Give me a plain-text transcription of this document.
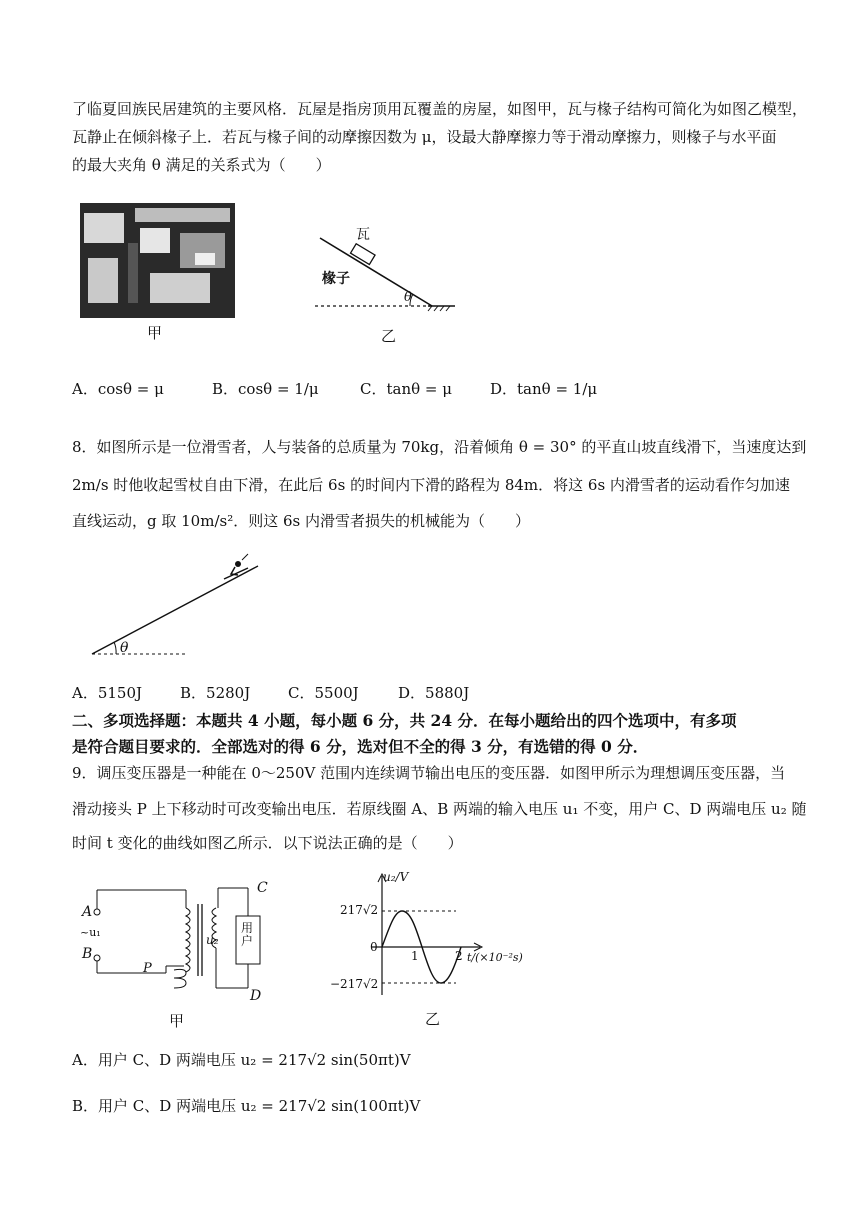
了临夏回族民居建筑的主要风格．瓦屋是指房顶用瓦覆盖的房屋，如图甲，瓦与椽子结构可简化为如图乙模型，
瓦静止在倾斜椽子上．若瓦与椽子间的动摩擦因数为 μ，设最大静摩擦力等于滑动摩擦力，则椽子与水平面
的最大夹角 θ 满足的关系式为（　　）
甲
瓦
椽子
θ
乙
A．cosθ = μ	B．cosθ = 1/μ	C．tanθ = μ	D．tanθ = 1/μ
8．如图所示是一位滑雪者，人与装备的总质量为 70kg，沿着倾角 θ = 30° 的平直山坡直线滑下，当速度达到
2m/s 时他收起雪杖自由下滑，在此后 6s 的时间内下滑的路程为 84m．将这 6s 内滑雪者的运动看作匀加速
直线运动，g 取 10m/s²．则这 6s 内滑雪者损失的机械能为（　　）
θ
A．5150J	B．5280J	C．5500J	D．5880J
二、多项选择题：本题共 4 小题，每小题 6 分，共 24 分．在每小题给出的四个选项中，有多项
是符合题目要求的．全部选对的得 6 分，选对但不全的得 3 分，有选错的得 0 分．
9．调压变压器是一种能在 0～250V 范围内连续调节输出电压的变压器．如图甲所示为理想调压变压器，当
滑动接头 P 上下移动时可改变输出电压．若原线圈 A、B 两端的输入电压 u₁ 不变，用户 C、D 两端电压 u₂ 随
时间 t 变化的曲线如图乙所示．以下说法正确的是（　　）
A
B
~u₁
u₂
P
C
D
用户
甲
u₂/V
217√2
−217√2
0
1	2 t/(×10⁻²s)
乙
A．用户 C、D 两端电压 u₂ = 217√2 sin(50πt)V
B．用户 C、D 两端电压 u₂ = 217√2 sin(100πt)V
